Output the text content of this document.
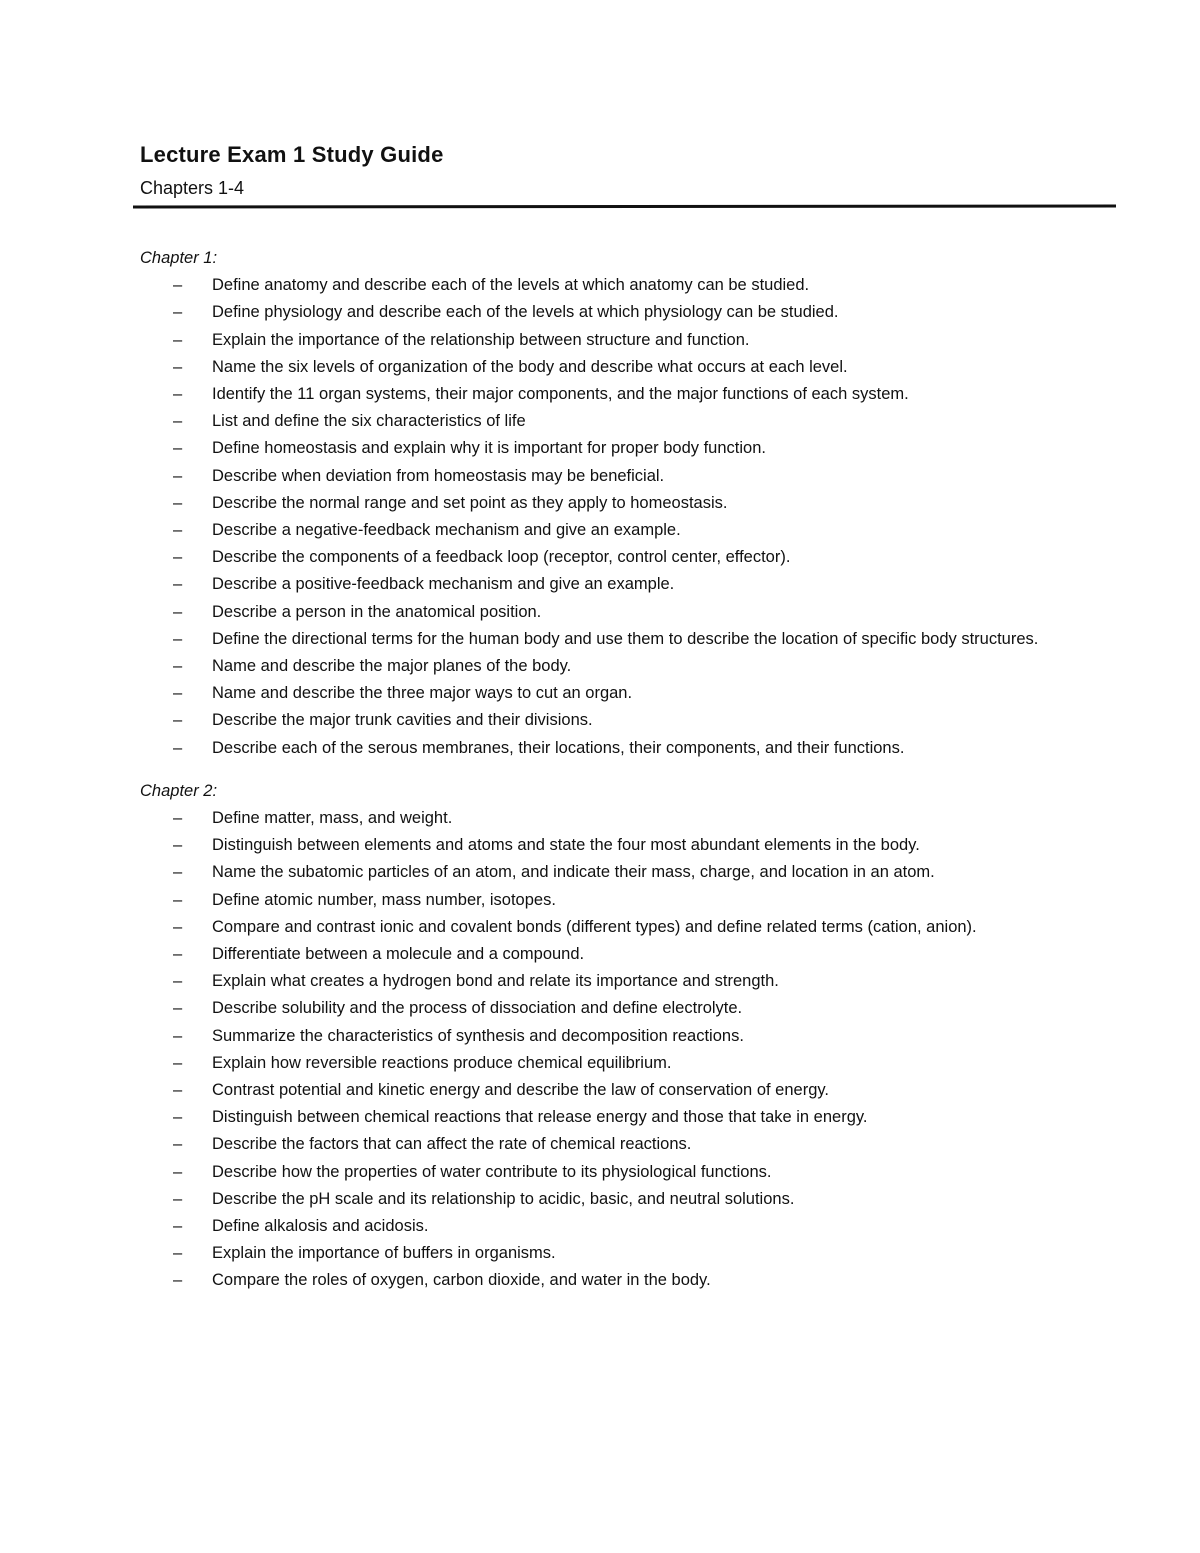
Lecture Exam 1 Study Guide
Chapters 1-4
Chapter 1:
– Define anatomy and describe each of the levels at which anatomy can be studied.
– Define physiology and describe each of the levels at which physiology can be studied.
– Explain the importance of the relationship between structure and function.
– Name the six levels of organization of the body and describe what occurs at each level.
– Identify the 11 organ systems, their major components, and the major functions of each system.
– List and define the six characteristics of life
– Define homeostasis and explain why it is important for proper body function.
– Describe when deviation from homeostasis may be beneficial.
– Describe the normal range and set point as they apply to homeostasis.
– Describe a negative-feedback mechanism and give an example.
– Describe the components of a feedback loop (receptor, control center, effector).
– Describe a positive-feedback mechanism and give an example.
– Describe a person in the anatomical position.
– Define the directional terms for the human body and use them to describe the location of specific body structures.
– Name and describe the major planes of the body.
– Name and describe the three major ways to cut an organ.
– Describe the major trunk cavities and their divisions.
– Describe each of the serous membranes, their locations, their components, and their functions.
Chapter 2:
– Define matter, mass, and weight.
– Distinguish between elements and atoms and state the four most abundant elements in the body.
– Name the subatomic particles of an atom, and indicate their mass, charge, and location in an atom.
– Define atomic number, mass number, isotopes.
– Compare and contrast ionic and covalent bonds (different types) and define related terms (cation, anion).
– Differentiate between a molecule and a compound.
– Explain what creates a hydrogen bond and relate its importance and strength.
– Describe solubility and the process of dissociation and define electrolyte.
– Summarize the characteristics of synthesis and decomposition reactions.
– Explain how reversible reactions produce chemical equilibrium.
– Contrast potential and kinetic energy and describe the law of conservation of energy.
– Distinguish between chemical reactions that release energy and those that take in energy.
– Describe the factors that can affect the rate of chemical reactions.
– Describe how the properties of water contribute to its physiological functions.
– Describe the pH scale and its relationship to acidic, basic, and neutral solutions.
– Define alkalosis and acidosis.
– Explain the importance of buffers in organisms.
– Compare the roles of oxygen, carbon dioxide, and water in the body.
